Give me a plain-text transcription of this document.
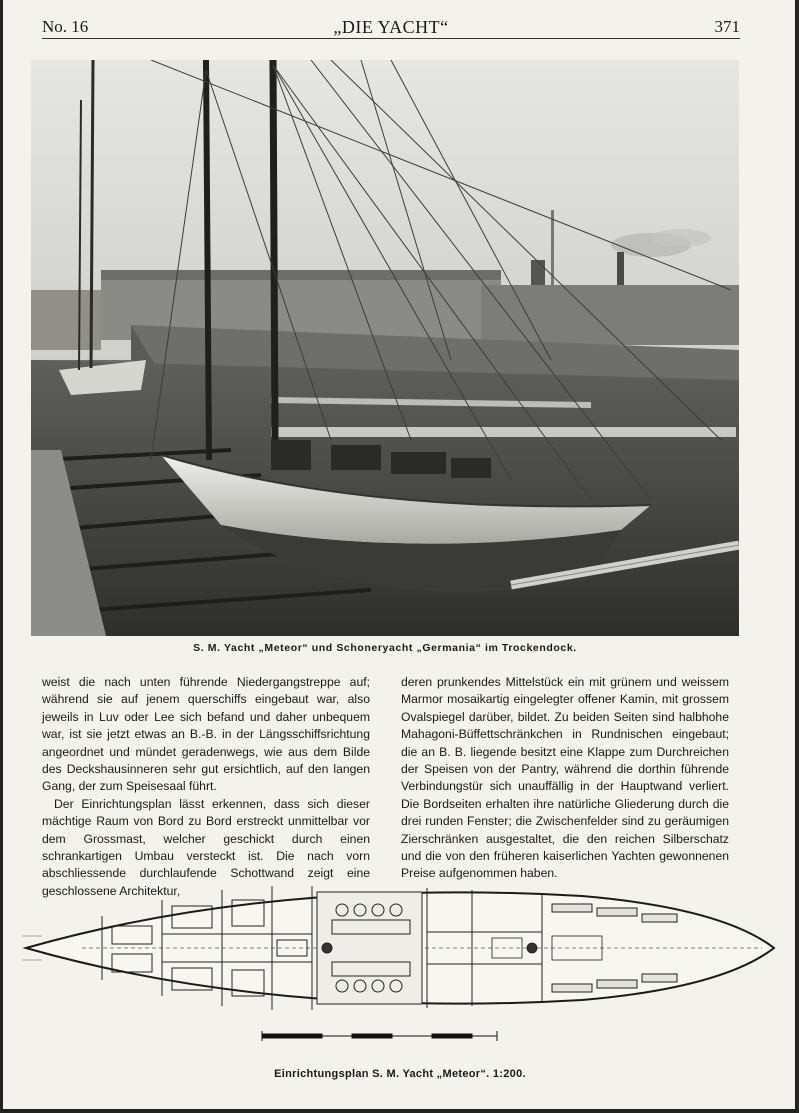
No. 16	„DIE YACHT“	371
S. M. Yacht „Meteor“ und Schoneryacht „Germania“ im Trockendock.

weist die nach unten führende Niedergangstreppe auf; während sie auf jenem querschiffs eingebaut war, also jeweils in Luv oder Lee sich befand und daher unbequem war, ist sie jetzt etwas an B.-B. in der Längsschiffsrichtung angeordnet und mündet geradenwegs, wie aus dem Bilde des Deckshausinneren sehr gut ersichtlich, auf den langen Gang, der zum Speisesaal führt.

Der Einrichtungsplan lässt erkennen, dass sich dieser mächtige Raum von Bord zu Bord erstreckt unmittelbar vor dem Grossmast, welcher geschickt durch einen schrankartigen Umbau versteckt ist. Die nach vorn abschliessende durchlaufende Schottwand zeigt eine geschlossene Architektur,

deren prunkendes Mittelstück ein mit grünem und weissem Marmor mosaikartig eingelegter offener Kamin, mit grossem Ovalspiegel darüber, bildet. Zu beiden Seiten sind halbhohe Mahagoni-Büffettschränkchen in Rundnischen eingebaut; die an B. B. liegende besitzt eine Klappe zum Durchreichen der Speisen von der Pantry, während die dorthin führende Verbindungstür sich unauffällig in der Hauptwand verliert. Die Bordseiten erhalten ihre natürliche Gliederung durch die drei runden Fenster; die Zwischenfelder sind zu geräumigen Zierschränken ausgestaltet, die den reichen Silberschatz und die von den früheren kaiserlichen Yachten gewonnenen Preise aufgenommen haben.

Einrichtungsplan S. M. Yacht „Meteor“. 1:200.
